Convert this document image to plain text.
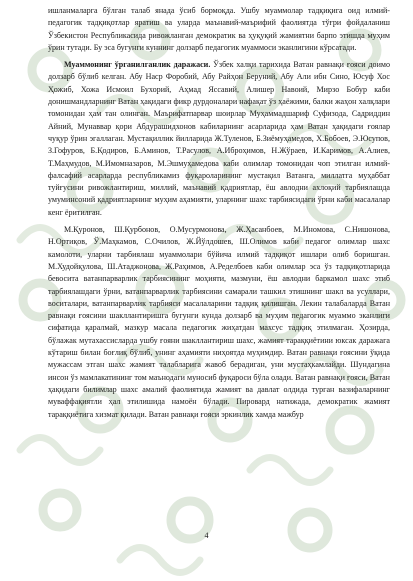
ишланмаларга бўлган талаб янада ўсиб бормоқда. Ушбу муаммолар тадқиқига оид илмий-педагогик тадқиқотлар яратиш ва уларда маънавий-маърифий фаолиятда тўғри фойдаланиш Ўзбекистон Республикасида ривожланган демократик ва ҳуқуқий жамиятни барпо этишда муҳим ўрин тутади. Бу эса бугунги куннинг долзарб педагогик муаммоси эканлигини кўрсатади.

Муаммонинг ўрганилганлик даражаси. Ўзбек халқи тарихида Ватан равнақи ғояси доимо долзарб бўлиб келган. Абу Наср Форобий, Абу Райҳон Беруний, Абу Али ибн Сино, Юсуф Хос Ҳожиб, Хожа Исмоил Бухорий, Аҳмад Яссавий, Алишер Навоий, Мирзо Бобур каби донишмандларнинг Ватан ҳақидаги фикр дурдоналари нафақат ўз ҳаёжими, балки жаҳон халқлари томонидан ҳам тан олинган. Маърифатпарвар шоирлар Муҳаммадшариф Суфизода, Садриддин Айний, Мунаввар қори Абдурашидхонов кабиларнинг асарларида ҳам Ватан ҳақидаги ғоялар чуқур ўрин эгаллаган. Мустақиллик йилларида Ж.Туленов, Б.Зиёмуҳамедов, Х.Бобоев, Э.Юсупов, З.Гофуров, Б.Қодиров, Б.Аминов, Т.Расулов, А.Иброҳимов, Н.Жўраев, И.Каримов, А.Алиев, Т.Маҳмудов, М.Имомназаров, М.Эшмуҳамедова каби олимлар томонидан чоп этилган илмий-фалсафий асарларда республикамиз фуқароларининг мустақил Ватанга, миллатга муҳаббат туйғусини ривожлантириш, миллий, маънавий қадриятлар, ёш авлодни ахлоқий тарбиялашда умуминсоний қадриятларнинг муҳим аҳамияти, уларнинг шахс тарбиясидаги ўрни каби масалалар кенг ёритилган.

М.Қуронов, Ш.Қурбонов, О.Мусурмонова, Ж.Ҳасанбоев, М.Иномова, С.Нишонова, Н.Ортиқов, Ў.Маҳкамов, С.Очилов, Ж.Йўлдошев, Ш.Олимов каби педагог олимлар шахс камолоти, уларни тарбиялаш муаммолари бўйича илмий тадқиқот ишлари олиб боришган. М.Худойқулова, Ш.Атаджонова, Ж.Раҳимов, А.Ределбоев каби олимлар эса ўз тадқиқотларида бевосита ватанпарварлик тарбиясининг моҳияти, мазмуни, ёш авлодни баркамол шахс этиб тарбиялашдаги ўрни, ватанпарварлик тарбиясини самарали ташкил этишнинг шакл ва усуллари, воситалари, ватанпарварлик тарбияси масалаларини тадқиқ қилишган. Лекин талабаларда Ватан равнақи ғоясини шакллантиришга бугунги кунда долзарб ва муҳим педагогик муаммо эканлиги сифатида қаралмай, мазкур масала педагогик жиҳатдан махсус тадқиқ этилмаган. Ҳозирда, бўлажак мутахассисларда ушбу ғояни шакллантириш шахс, жамият тараққиётини юксак даражага кўтариш билан боғлиқ бўлиб, унинг аҳамияти ниҳоятда муҳимдир. Ватан равнақи ғоясини ўқида мужассам этган шахс жамият талабларига жавоб берадиган, уни мустаҳкамлайди. Шундагина инсон ўз мамлакатининг том маънодаги муносиб фуқароси бўла олади. Ватан равнақи ғояси, Ватан ҳақидаги билимлар шахс амалий фаолиятида жамият ва давлат олдида турган вазифаларнинг муваффақиятли ҳал этилишида намоён бўлади. Пировард натижада, демократик жамият тараққиётига хизмат қилади. Ватан равнақи ғояси эркинлик хамда мажбур

4
